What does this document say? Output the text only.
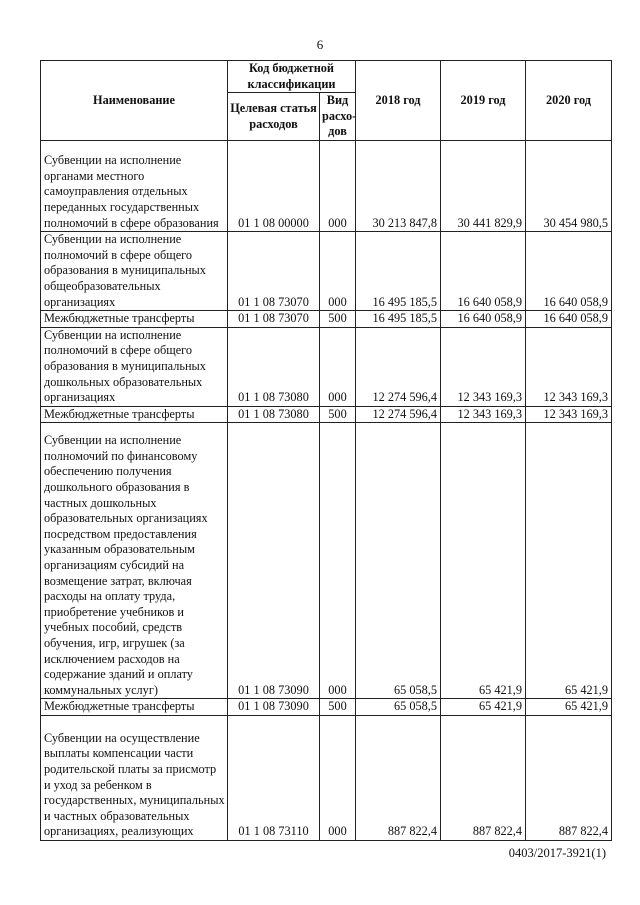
6
Наименование	Код бюджетной классификации		2018 год	2019 год	2020 год
	Целевая статья расходов	Вид расхо-дов			
Субвенции на исполнение органами местного самоуправления отдельных переданных государственных полномочий в сфере образования	01 1 08 00000	000	30 213 847,8	30 441 829,9	30 454 980,5
Субвенции на исполнение полномочий в сфере общего образования в муниципальных общеобразовательных организациях	01 1 08 73070	000	16 495 185,5	16 640 058,9	16 640 058,9
Межбюджетные трансферты	01 1 08 73070	500	16 495 185,5	16 640 058,9	16 640 058,9
Субвенции на исполнение полномочий в сфере общего образования в муниципальных дошкольных образовательных организациях	01 1 08 73080	000	12 274 596,4	12 343 169,3	12 343 169,3
Межбюджетные трансферты	01 1 08 73080	500	12 274 596,4	12 343 169,3	12 343 169,3
Субвенции на исполнение полномочий по финансовому обеспечению получения дошкольного образования в частных дошкольных образовательных организациях посредством предоставления указанным образовательным организациям субсидий на возмещение затрат, включая расходы на оплату труда, приобретение учебников и учебных пособий, средств обучения, игр, игрушек (за исключением расходов на содержание зданий и оплату коммунальных услуг)	01 1 08 73090	000	65 058,5	65 421,9	65 421,9
Межбюджетные трансферты	01 1 08 73090	500	65 058,5	65 421,9	65 421,9
Субвенции на осуществление выплаты компенсации части родительской платы за присмотр и уход за ребенком в государственных, муниципальных и частных образовательных организациях, реализующих	01 1 08 73110	000	887 822,4	887 822,4	887 822,4
0403/2017-3921(1)
